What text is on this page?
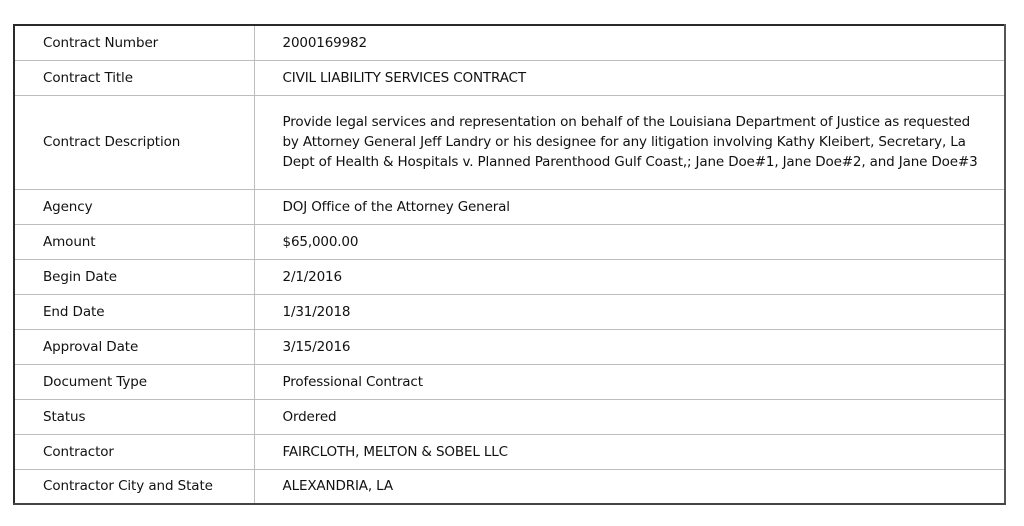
Contract Number	2000169982
Contract Title	CIVIL LIABILITY SERVICES CONTRACT
Contract Description	Provide legal services and representation on behalf of the Louisiana Department of Justice as requested by Attorney General Jeff Landry or his designee for any litigation involving Kathy Kleibert, Secretary, La Dept of Health & Hospitals v. Planned Parenthood Gulf Coast,; Jane Doe#1, Jane Doe#2, and Jane Doe#3
Agency	DOJ Office of the Attorney General
Amount	$65,000.00
Begin Date	2/1/2016
End Date	1/31/2018
Approval Date	3/15/2016
Document Type	Professional Contract
Status	Ordered
Contractor	FAIRCLOTH, MELTON & SOBEL LLC
Contractor City and State	ALEXANDRIA, LA
